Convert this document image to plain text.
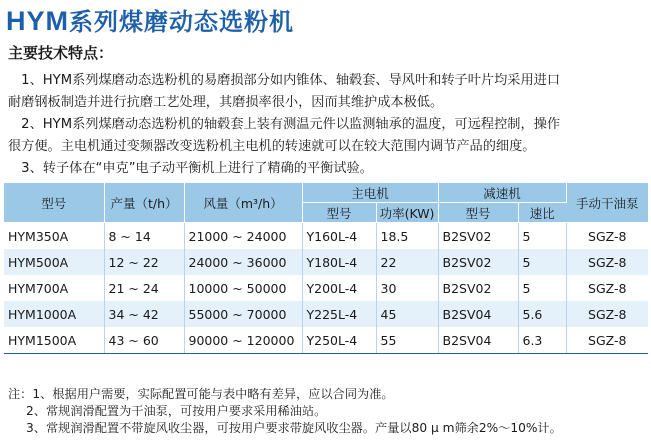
HYM系列煤磨动态选粉机
主要技术特点：
　1、HYM系列煤磨动态选粉机的易磨损部分如内锥体、轴毂套、导风叶和转子叶片均采用进口
耐磨钢板制造并进行抗磨工艺处理，其磨损率很小，因而其维护成本极低。
　2、HYM系列煤磨动态选粉机的轴毂套上装有测温元件以监测轴承的温度，可远程控制，操作
很方便。主电机通过变频器改变选粉机主电机的转速就可以在较大范围内调节产品的细度。
　3、转子体在“申克”电子动平衡机上进行了精确的平衡试验。
型号	产量（t/h）	风量（m³/h）	主电机		减速机		手动干油泵
			型号	功率(KW)	型号	速比	
HYM350A	8 ~ 14	21000 ~ 24000	Y160L-4	18.5	B2SV02	5	SGZ-8
HYM500A	12 ~ 22	24000 ~ 36000	Y180L-4	22	B2SV02	5	SGZ-8
HYM700A	21 ~ 24	10000 ~ 50000	Y200L-4	30	B2SV02	5	SGZ-8
HYM1000A	34 ~ 42	55000 ~ 70000	Y225L-4	45	B2SV04	5.6	SGZ-8
HYM1500A	43 ~ 60	90000 ~ 120000	Y250L-4	55	B2SV04	6.3	SGZ-8
注：1、根据用户需要，实际配置可能与表中略有差异，应以合同为准。
2、常规润滑配置为干油泵，可按用户要求采用稀油站。
3、常规润滑配置不带旋风收尘器，可按用户要求带旋风收尘器。产量以80 μ m筛余2%～10%计。
